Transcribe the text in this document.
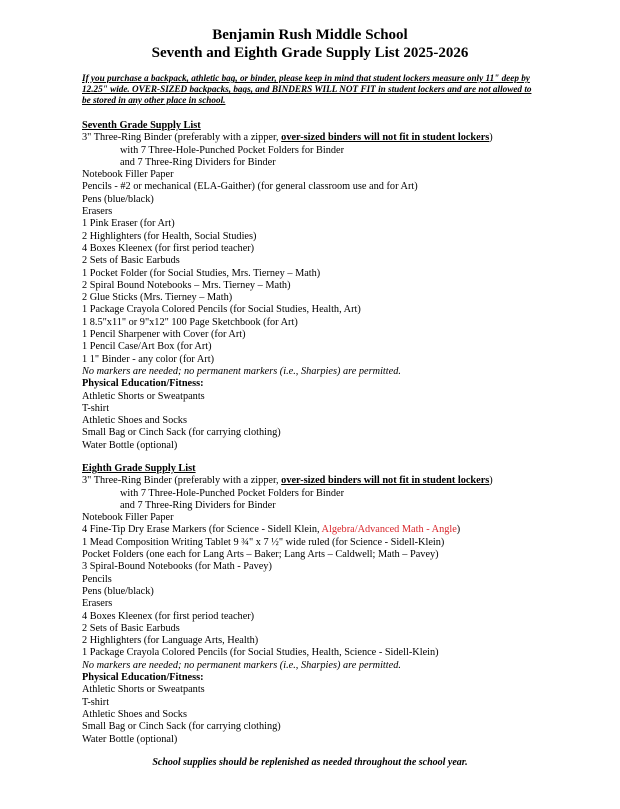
Benjamin Rush Middle School
Seventh and Eighth Grade Supply List 2025-2026
If you purchase a backpack, athletic bag, or binder, please keep in mind that student lockers measure only 11" deep by 12.25" wide. OVER-SIZED backpacks, bags, and BINDERS WILL NOT FIT in student lockers and are not allowed to be stored in any other place in school.
Seventh Grade Supply List
3" Three-Ring Binder (preferably with a zipper, over-sized binders will not fit in student lockers)
with 7 Three-Hole-Punched Pocket Folders for Binder
and 7 Three-Ring Dividers for Binder
Notebook Filler Paper
Pencils - #2 or mechanical (ELA-Gaither) (for general classroom use and for Art)
Pens (blue/black)
Erasers
1 Pink Eraser (for Art)
2 Highlighters (for Health, Social Studies)
4 Boxes Kleenex (for first period teacher)
2 Sets of Basic Earbuds
1 Pocket Folder (for Social Studies, Mrs. Tierney – Math)
2 Spiral Bound Notebooks – Mrs. Tierney – Math)
2 Glue Sticks (Mrs. Tierney – Math)
1 Package Crayola Colored Pencils (for Social Studies, Health, Art)
1 8.5"x11" or 9"x12" 100 Page Sketchbook (for Art)
1 Pencil Sharpener with Cover (for Art)
1 Pencil Case/Art Box (for Art)
1 1" Binder - any color (for Art)
No markers are needed; no permanent markers (i.e., Sharpies) are permitted.
Physical Education/Fitness:
Athletic Shorts or Sweatpants
T-shirt
Athletic Shoes and Socks
Small Bag or Cinch Sack (for carrying clothing)
Water Bottle (optional)
Eighth Grade Supply List
3" Three-Ring Binder (preferably with a zipper, over-sized binders will not fit in student lockers)
with 7 Three-Hole-Punched Pocket Folders for Binder
and 7 Three-Ring Dividers for Binder
Notebook Filler Paper
4 Fine-Tip Dry Erase Markers (for Science - Sidell Klein, Algebra/Advanced Math - Angle)
1 Mead Composition Writing Tablet 9 ¾" x 7 ½" wide ruled (for Science - Sidell-Klein)
Pocket Folders (one each for Lang Arts – Baker; Lang Arts – Caldwell; Math – Pavey)
3 Spiral-Bound Notebooks (for Math - Pavey)
Pencils
Pens (blue/black)
Erasers
4 Boxes Kleenex (for first period teacher)
2 Sets of Basic Earbuds
2 Highlighters (for Language Arts, Health)
1 Package Crayola Colored Pencils (for Social Studies, Health, Science - Sidell-Klein)
No markers are needed; no permanent markers (i.e., Sharpies) are permitted.
Physical Education/Fitness:
Athletic Shorts or Sweatpants
T-shirt
Athletic Shoes and Socks
Small Bag or Cinch Sack (for carrying clothing)
Water Bottle (optional)
School supplies should be replenished as needed throughout the school year.
